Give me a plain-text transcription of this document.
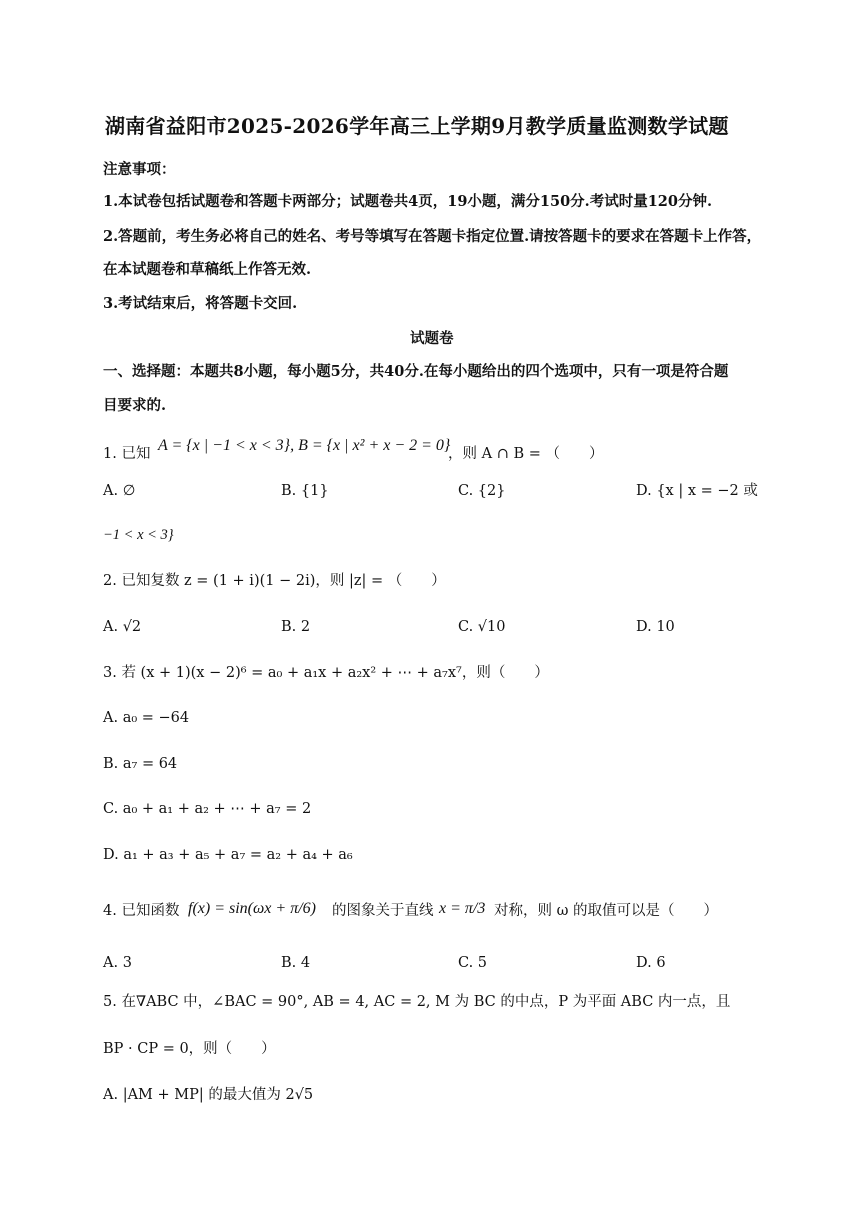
湖南省益阳市2025-2026学年高三上学期9月教学质量监测数学试题
注意事项：
1.本试卷包括试题卷和答题卡两部分；试题卷共4页，19小题，满分150分.考试时量120分钟.
2.答题前，考生务必将自己的姓名、考号等填写在答题卡指定位置.请按答题卡的要求在答题卡上作答，
在本试题卷和草稿纸上作答无效.
3.考试结束后，将答题卡交回.
试题卷
一、选择题：本题共8小题，每小题5分，共40分.在每小题给出的四个选项中，只有一项是符合题
目要求的.
1. 已知 A = {x | −1 < x < 3}, B = {x | x² + x − 2 = 0}
，则 A ∩ B = （　　）
A. ∅	B. {1}	C. {2}	D. {x | x = −2 或
−1 < x < 3}
2. 已知复数 z = (1 + i)(1 − 2i)，则 |z| = （　　）
A. √2	B. 2	C. √10	D. 10
3. 若 (x + 1)(x − 2)⁶ = a₀ + a₁x + a₂x² + ⋯ + a₇x⁷，则（　　）
A. a₀ = −64
B. a₇ = 64
C. a₀ + a₁ + a₂ + ⋯ + a₇ = 2
D. a₁ + a₃ + a₅ + a₇ = a₂ + a₄ + a₆
4. 已知函数 f(x) = sin(ωx + π/6) 的图象关于直线 x = π/3 对称，则 ω 的取值可以是（　　）
A. 3	B. 4	C. 5	D. 6
5. 在∇ABC 中，∠BAC = 90°, AB = 4, AC = 2, M 为 BC 的中点，P 为平面 ABC 内一点，且
BP · CP = 0，则（　　）
A. |AM + MP| 的最大值为 2√5
